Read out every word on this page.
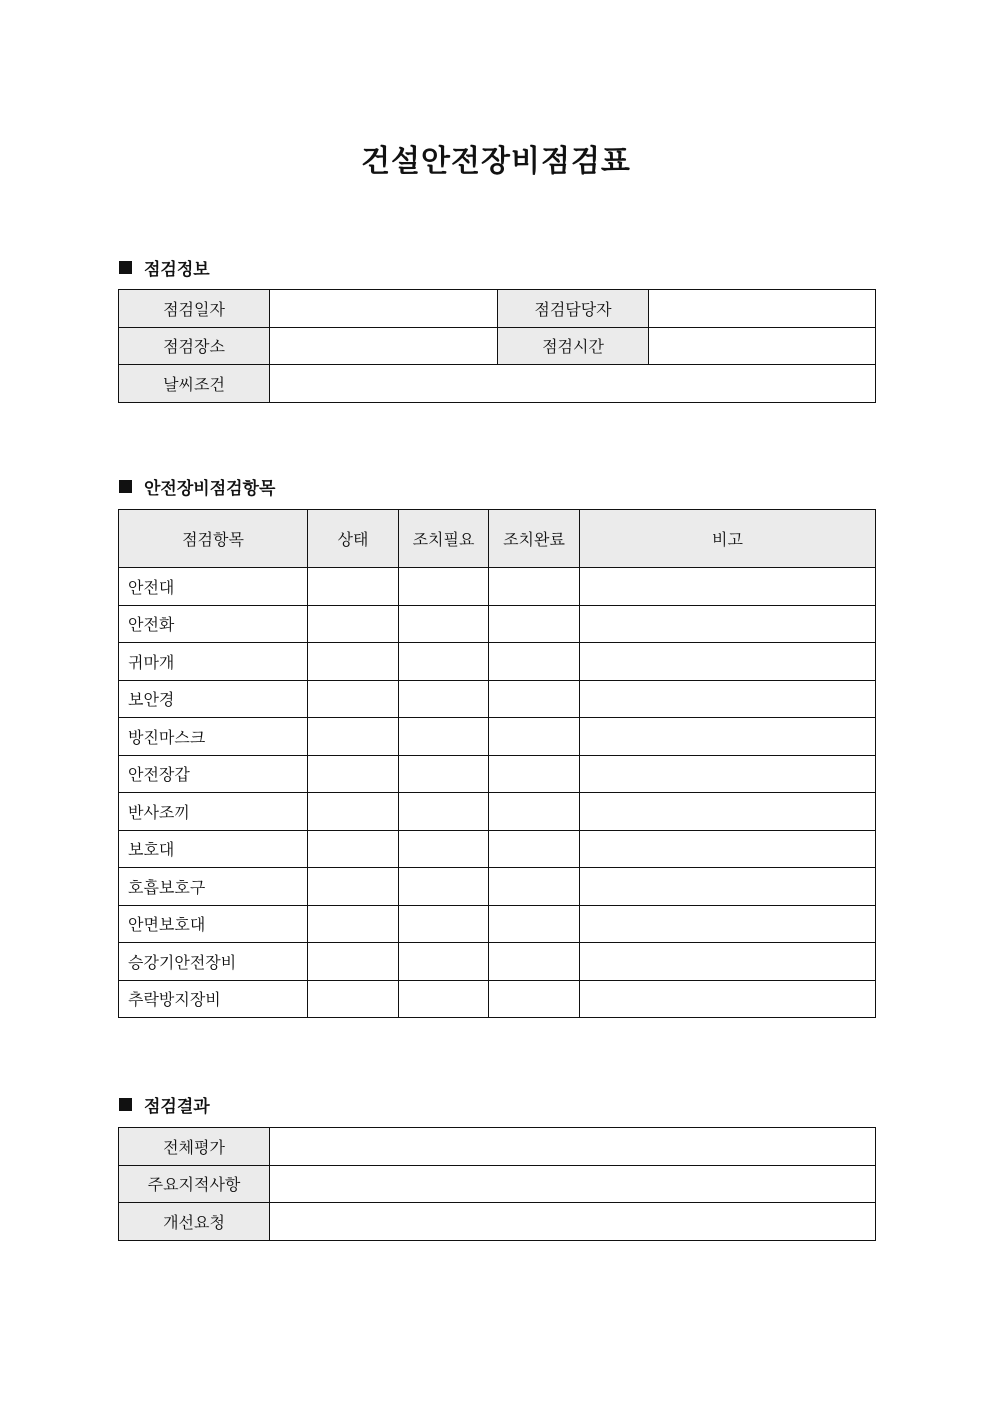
건설안전장비점검표
점검정보
점검일자		점검담당자	
점검장소		점검시간	
날씨조건			
안전장비점검항목
점검항목	상태	조치필요	조치완료	비고
안전대				
안전화				
귀마개				
보안경				
방진마스크				
안전장갑				
반사조끼				
보호대				
호흡보호구				
안면보호대				
승강기안전장비				
추락방지장비				
점검결과
전체평가	
주요지적사항	
개선요청	
